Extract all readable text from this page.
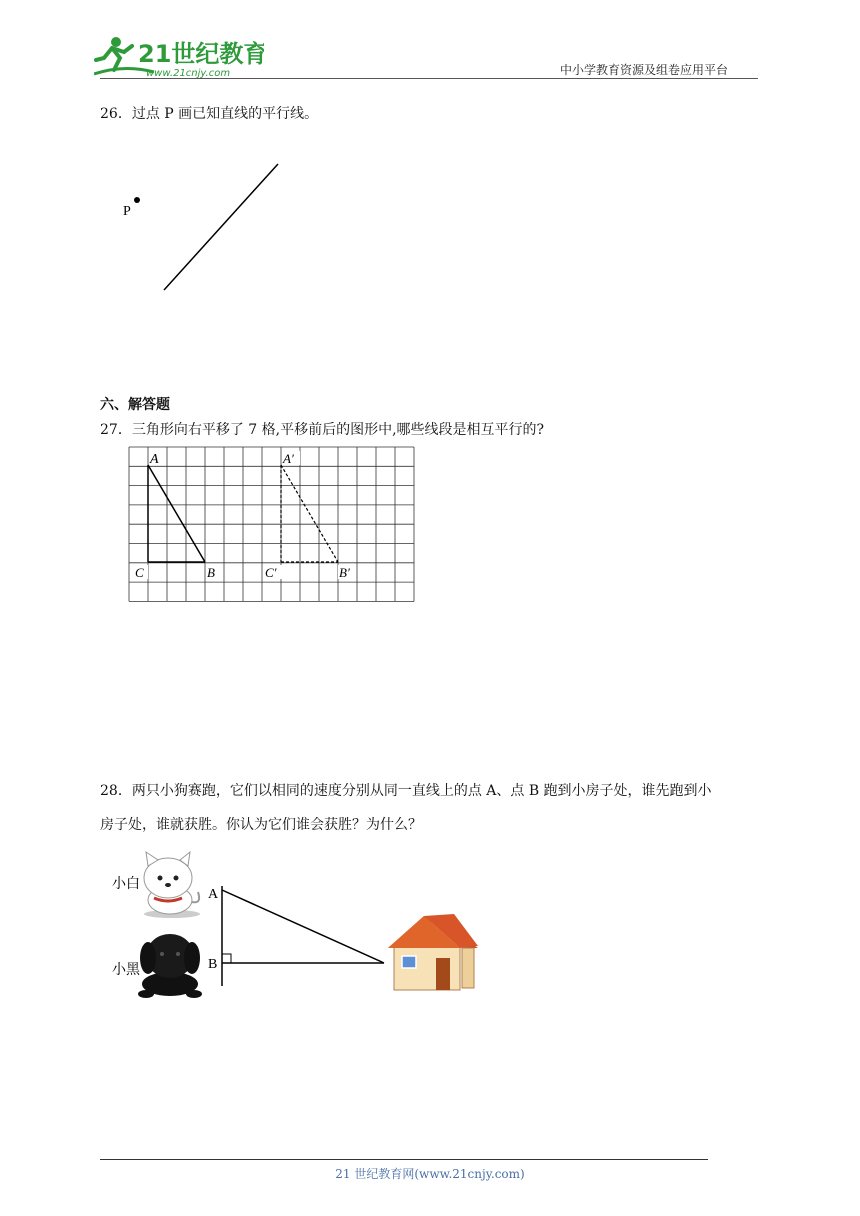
21世纪教育
www.21cnjy.com	中小学教育资源及组卷应用平台
26．过点 P 画已知直线的平行线。
P
六、解答题
27．三角形向右平移了 7 格,平移前后的图形中,哪些线段是相互平行的?
A	A′
C	C′
B	B′
28．两只小狗赛跑，它们以相同的速度分别从同一直线上的点 A、点 B 跑到小房子处，谁先跑到小
房子处，谁就获胜。你认为它们谁会获胜？为什么？
小白
小黑
A
B
21 世纪教育网(www.21cnjy.com)
